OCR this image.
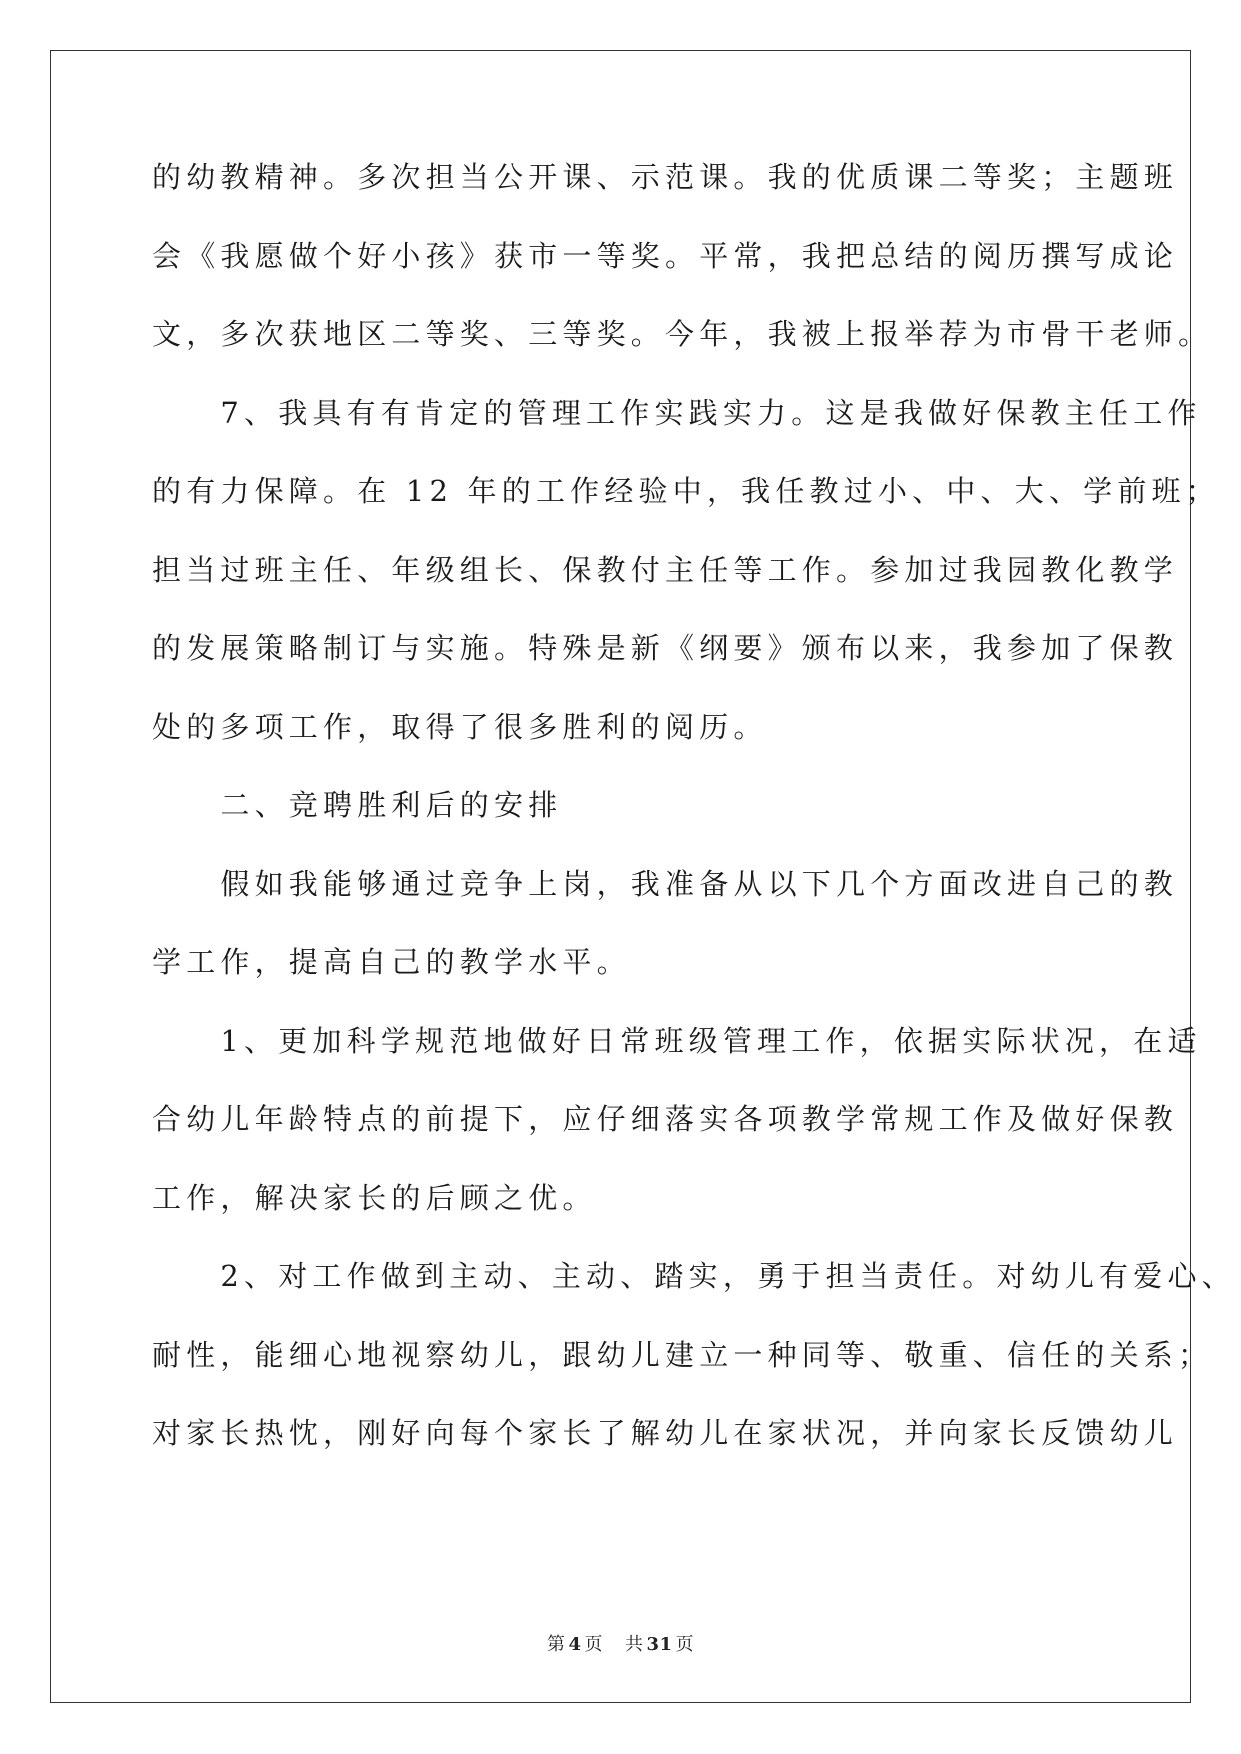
的幼教精神。多次担当公开课、示范课。我的优质课二等奖；主题班

会《我愿做个好小孩》获市一等奖。平常，我把总结的阅历撰写成论

文，多次获地区二等奖、三等奖。今年，我被上报举荐为市骨干老师。

　　7、我具有有肯定的管理工作实践实力。这是我做好保教主任工作

的有力保障。在 12 年的工作经验中，我任教过小、中、大、学前班；

担当过班主任、年级组长、保教付主任等工作。参加过我园教化教学

的发展策略制订与实施。特殊是新《纲要》颁布以来，我参加了保教

处的多项工作，取得了很多胜利的阅历。

　　二、竞聘胜利后的安排

　　假如我能够通过竞争上岗，我准备从以下几个方面改进自己的教

学工作，提高自己的教学水平。

　　1、更加科学规范地做好日常班级管理工作，依据实际状况，在适

合幼儿年龄特点的前提下，应仔细落实各项教学常规工作及做好保教

工作，解决家长的后顾之优。

　　2、对工作做到主动、主动、踏实，勇于担当责任。对幼儿有爱心、

耐性，能细心地视察幼儿，跟幼儿建立一种同等、敬重、信任的关系；

对家长热忱，刚好向每个家长了解幼儿在家状况，并向家长反馈幼儿

第 4 页 共 31 页
